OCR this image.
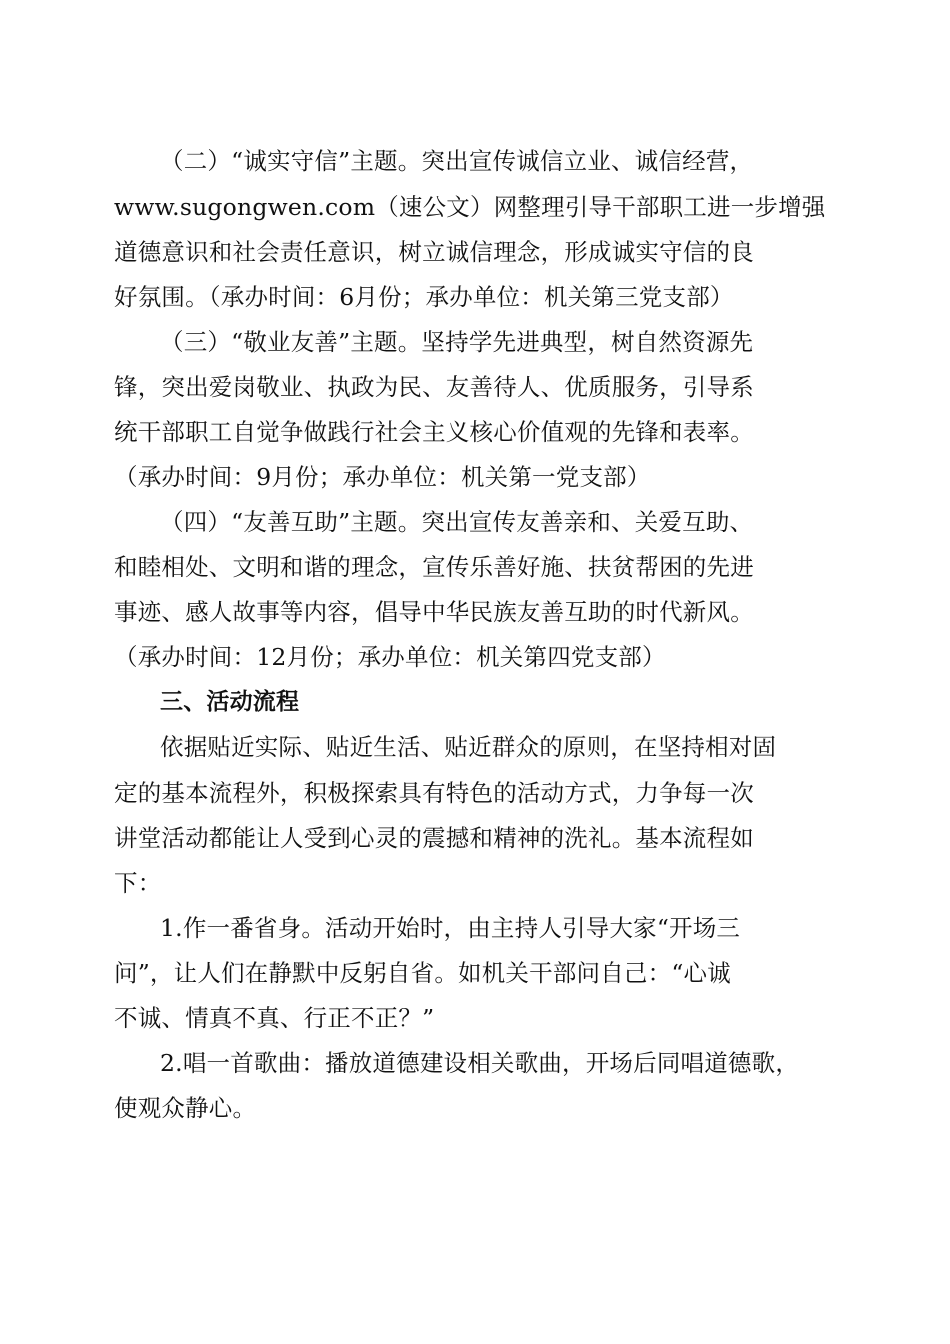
（二）“诚实守信”主题。突出宣传诚信立业、诚信经营，
www.sugongwen.com（速公文）网整理引导干部职工进一步增强
道德意识和社会责任意识，树立诚信理念，形成诚实守信的良
好氛围。（承办时间：6月份；承办单位：机关第三党支部）
（三）“敬业友善”主题。坚持学先进典型，树自然资源先
锋，突出爱岗敬业、执政为民、友善待人、优质服务，引导系
统干部职工自觉争做践行社会主义核心价值观的先锋和表率。
（承办时间：9月份；承办单位：机关第一党支部）
（四）“友善互助”主题。突出宣传友善亲和、关爱互助、
和睦相处、文明和谐的理念，宣传乐善好施、扶贫帮困的先进
事迹、感人故事等内容，倡导中华民族友善互助的时代新风。
（承办时间：12月份；承办单位：机关第四党支部）
三、活动流程
依据贴近实际、贴近生活、贴近群众的原则，在坚持相对固
定的基本流程外，积极探索具有特色的活动方式，力争每一次
讲堂活动都能让人受到心灵的震撼和精神的洗礼。基本流程如
下：
1.作一番省身。活动开始时，由主持人引导大家“开场三
问”，让人们在静默中反躬自省。如机关干部问自己：“心诚
不诚、情真不真、行正不正？”
2.唱一首歌曲：播放道德建设相关歌曲，开场后同唱道德歌，
使观众静心。
